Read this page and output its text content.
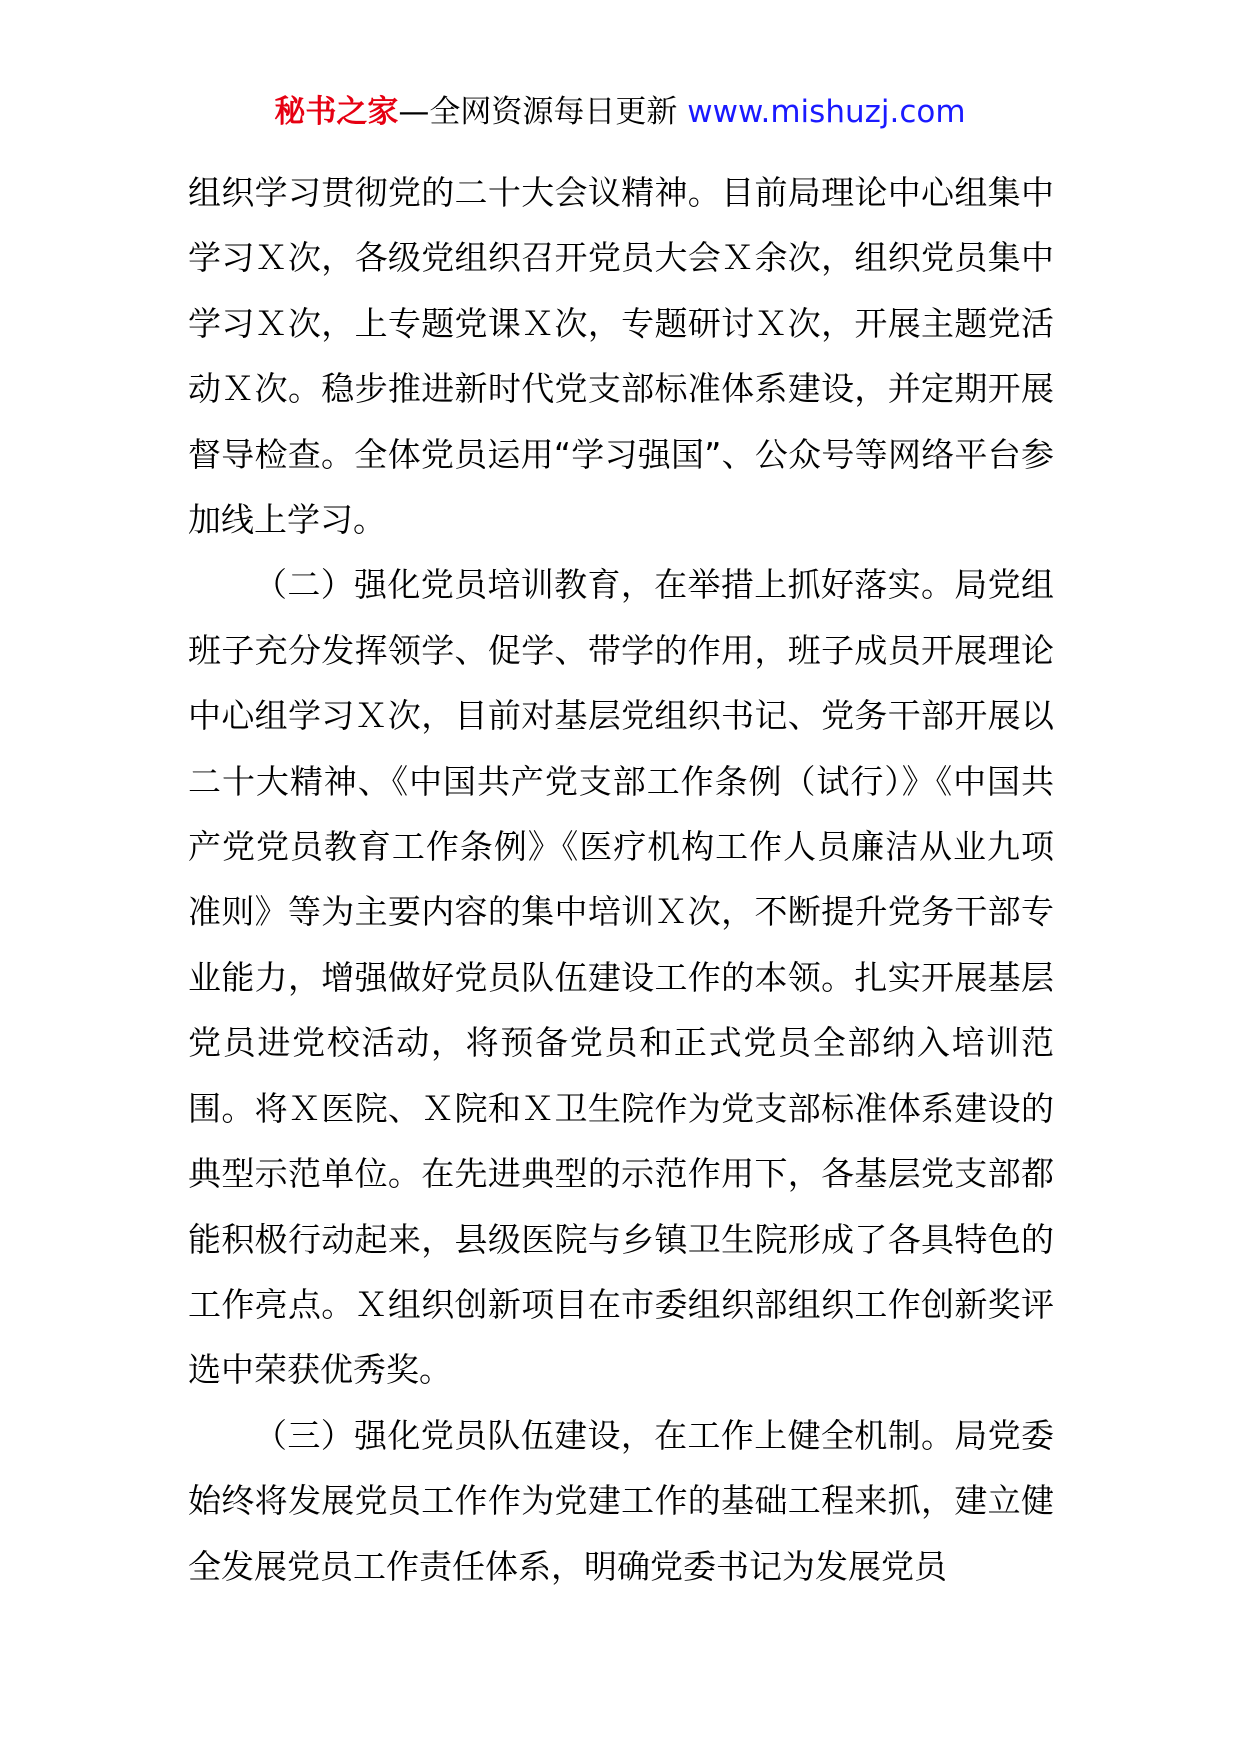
秘书之家—全网资源每日更新 www.mishuzj.com

组织学习贯彻党的二十大会议精神。目前局理论中心组集中学习Ｘ次，各级党组织召开党员大会Ｘ余次，组织党员集中学习Ｘ次，上专题党课Ｘ次，专题研讨Ｘ次，开展主题党活动Ｘ次。稳步推进新时代党支部标准体系建设，并定期开展督导检查。全体党员运用“学习强国”、公众号等网络平台参加线上学习。

（二）强化党员培训教育，在举措上抓好落实。局党组班子充分发挥领学、促学、带学的作用，班子成员开展理论中心组学习Ｘ次，目前对基层党组织书记、党务干部开展以二十大精神、《中国共产党支部工作条例（试行）》《中国共产党党员教育工作条例》《医疗机构工作人员廉洁从业九项准则》等为主要内容的集中培训Ｘ次，不断提升党务干部专业能力，增强做好党员队伍建设工作的本领。扎实开展基层党员进党校活动，将预备党员和正式党员全部纳入培训范围。将Ｘ医院、Ｘ院和Ｘ卫生院作为党支部标准体系建设的典型示范单位。在先进典型的示范作用下，各基层党支部都能积极行动起来，县级医院与乡镇卫生院形成了各具特色的工作亮点。Ｘ组织创新项目在市委组织部组织工作创新奖评选中荣获优秀奖。

（三）强化党员队伍建设，在工作上健全机制。局党委始终将发展党员工作作为党建工作的基础工程来抓，建立健全发展党员工作责任体系，明确党委书记为发展党员
